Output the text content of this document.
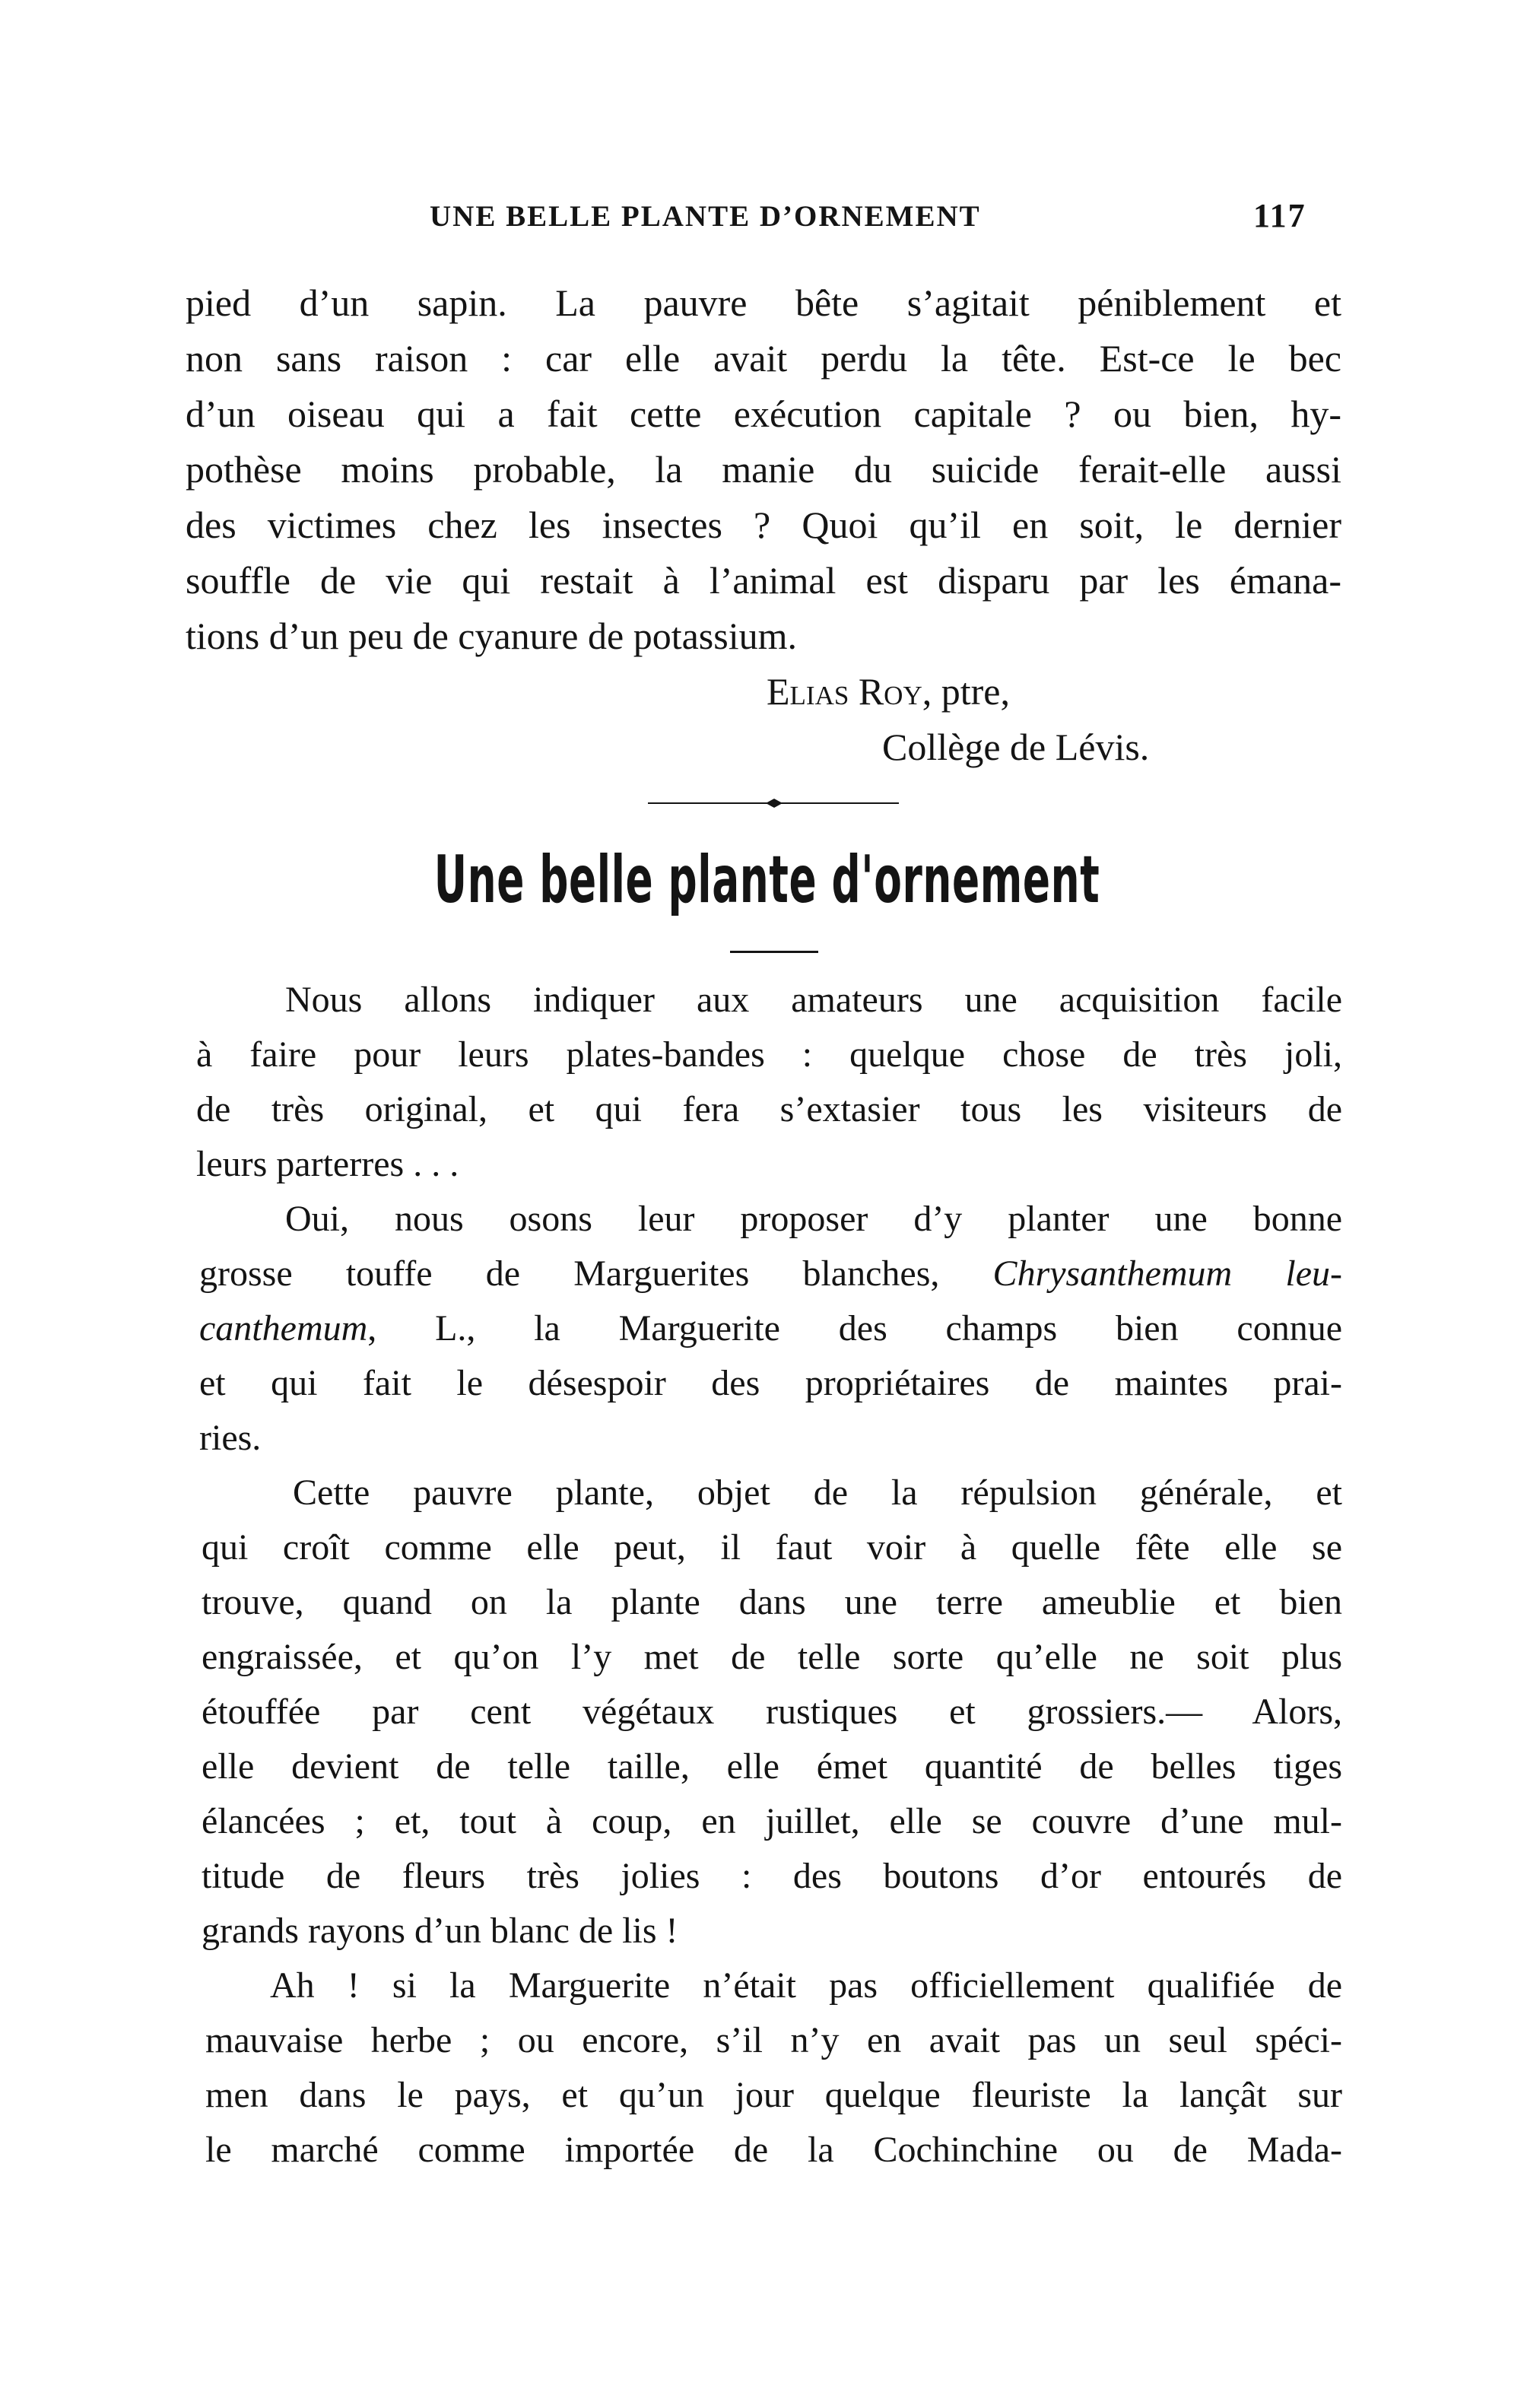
UNE BELLE PLANTE D’ORNEMENT	117
pied d’un sapin. La pauvre bête s’agitait péniblement et
non sans raison : car elle avait perdu la tête. Est-ce le bec
d’un oiseau qui a fait cette exécution capitale ? ou bien, hy-
pothèse moins probable, la manie du suicide ferait-elle aussi
des victimes chez les insectes ? Quoi qu’il en soit, le dernier
souffle de vie qui restait à l’animal est disparu par les émana-
tions d’un peu de cyanure de potassium.
Elias Roy, ptre,
Collège de Lévis.
Une belle plante d'ornement
Nous allons indiquer aux amateurs une acquisition facile
à faire pour leurs plates-bandes : quelque chose de très joli,
de très original, et qui fera s’extasier tous les visiteurs de
leurs parterres . . .
Oui, nous osons leur proposer d’y planter une bonne
grosse touffe de Marguerites blanches, Chrysanthemum leu-
canthemum, L., la Marguerite des champs bien connue
et qui fait le désespoir des propriétaires de maintes prai-
ries.
Cette pauvre plante, objet de la répulsion générale, et
qui croît comme elle peut, il faut voir à quelle fête elle se
trouve, quand on la plante dans une terre ameublie et bien
engraissée, et qu’on l’y met de telle sorte qu’elle ne soit plus
étouffée par cent végétaux rustiques et grossiers.— Alors,
elle devient de telle taille, elle émet quantité de belles tiges
élancées ; et, tout à coup, en juillet, elle se couvre d’une mul-
titude de fleurs très jolies : des boutons d’or entourés de
grands rayons d’un blanc de lis !
Ah ! si la Marguerite n’était pas officiellement qualifiée de
mauvaise herbe ; ou encore, s’il n’y en avait pas un seul spéci-
men dans le pays, et qu’un jour quelque fleuriste la lançât sur
le marché comme importée de la Cochinchine ou de Mada-
